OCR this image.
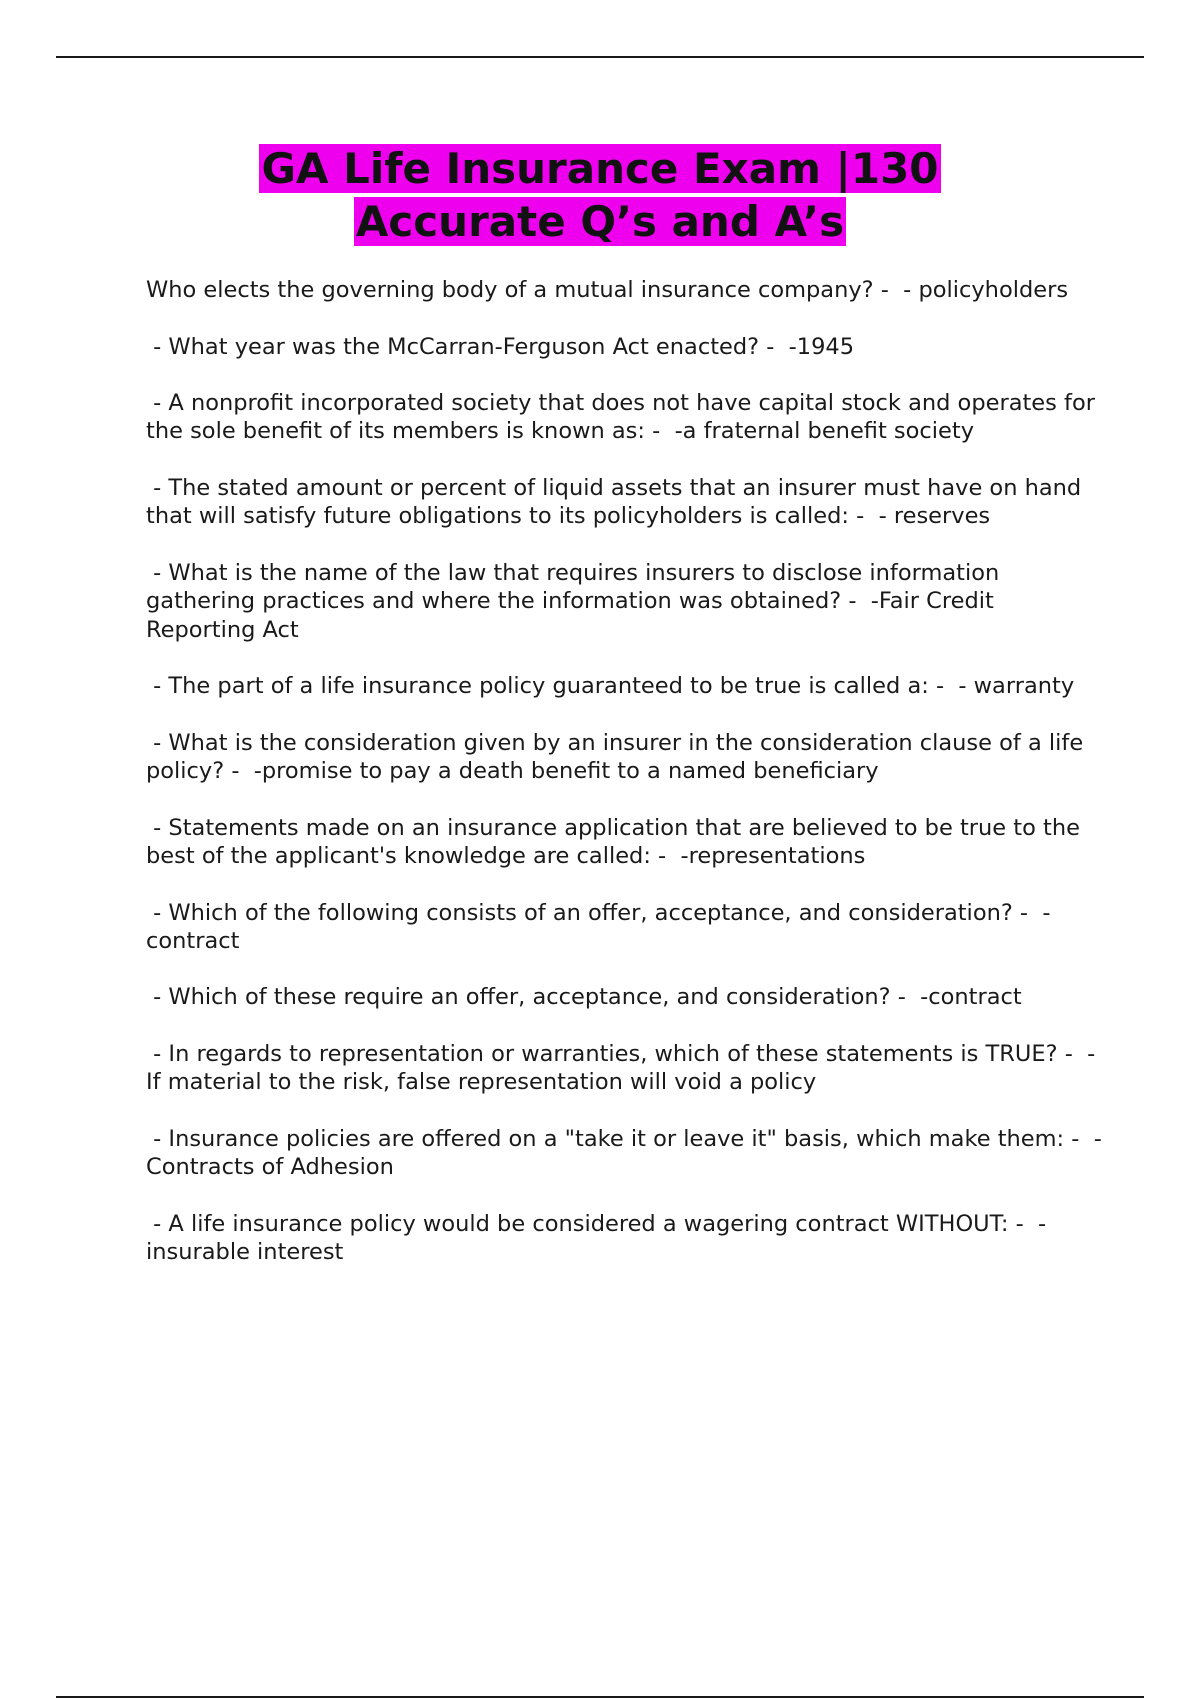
GA Life Insurance Exam |130
Accurate Q’s and A’s
Who elects the governing body of a mutual insurance company? -  - policyholders
- What year was the McCarran-Ferguson Act enacted? -  -1945
- A nonprofit incorporated society that does not have capital stock and operates for the sole benefit of its members is known as: -  -a fraternal benefit society
- The stated amount or percent of liquid assets that an insurer must have on hand that will satisfy future obligations to its policyholders is called: -  - reserves
- What is the name of the law that requires insurers to disclose information gathering practices and where the information was obtained? -  -Fair Credit Reporting Act
- The part of a life insurance policy guaranteed to be true is called a: -  - warranty
- What is the consideration given by an insurer in the consideration clause of a life policy? -  -promise to pay a death benefit to a named beneficiary
- Statements made on an insurance application that are believed to be true to the best of the applicant's knowledge are called: -  -representations
- Which of the following consists of an offer, acceptance, and consideration? -  -contract
- Which of these require an offer, acceptance, and consideration? -  -contract
- In regards to representation or warranties, which of these statements is TRUE? -  -If material to the risk, false representation will void a policy
- Insurance policies are offered on a "take it or leave it" basis, which make them: -  -Contracts of Adhesion
- A life insurance policy would be considered a wagering contract WITHOUT: -  -insurable interest
